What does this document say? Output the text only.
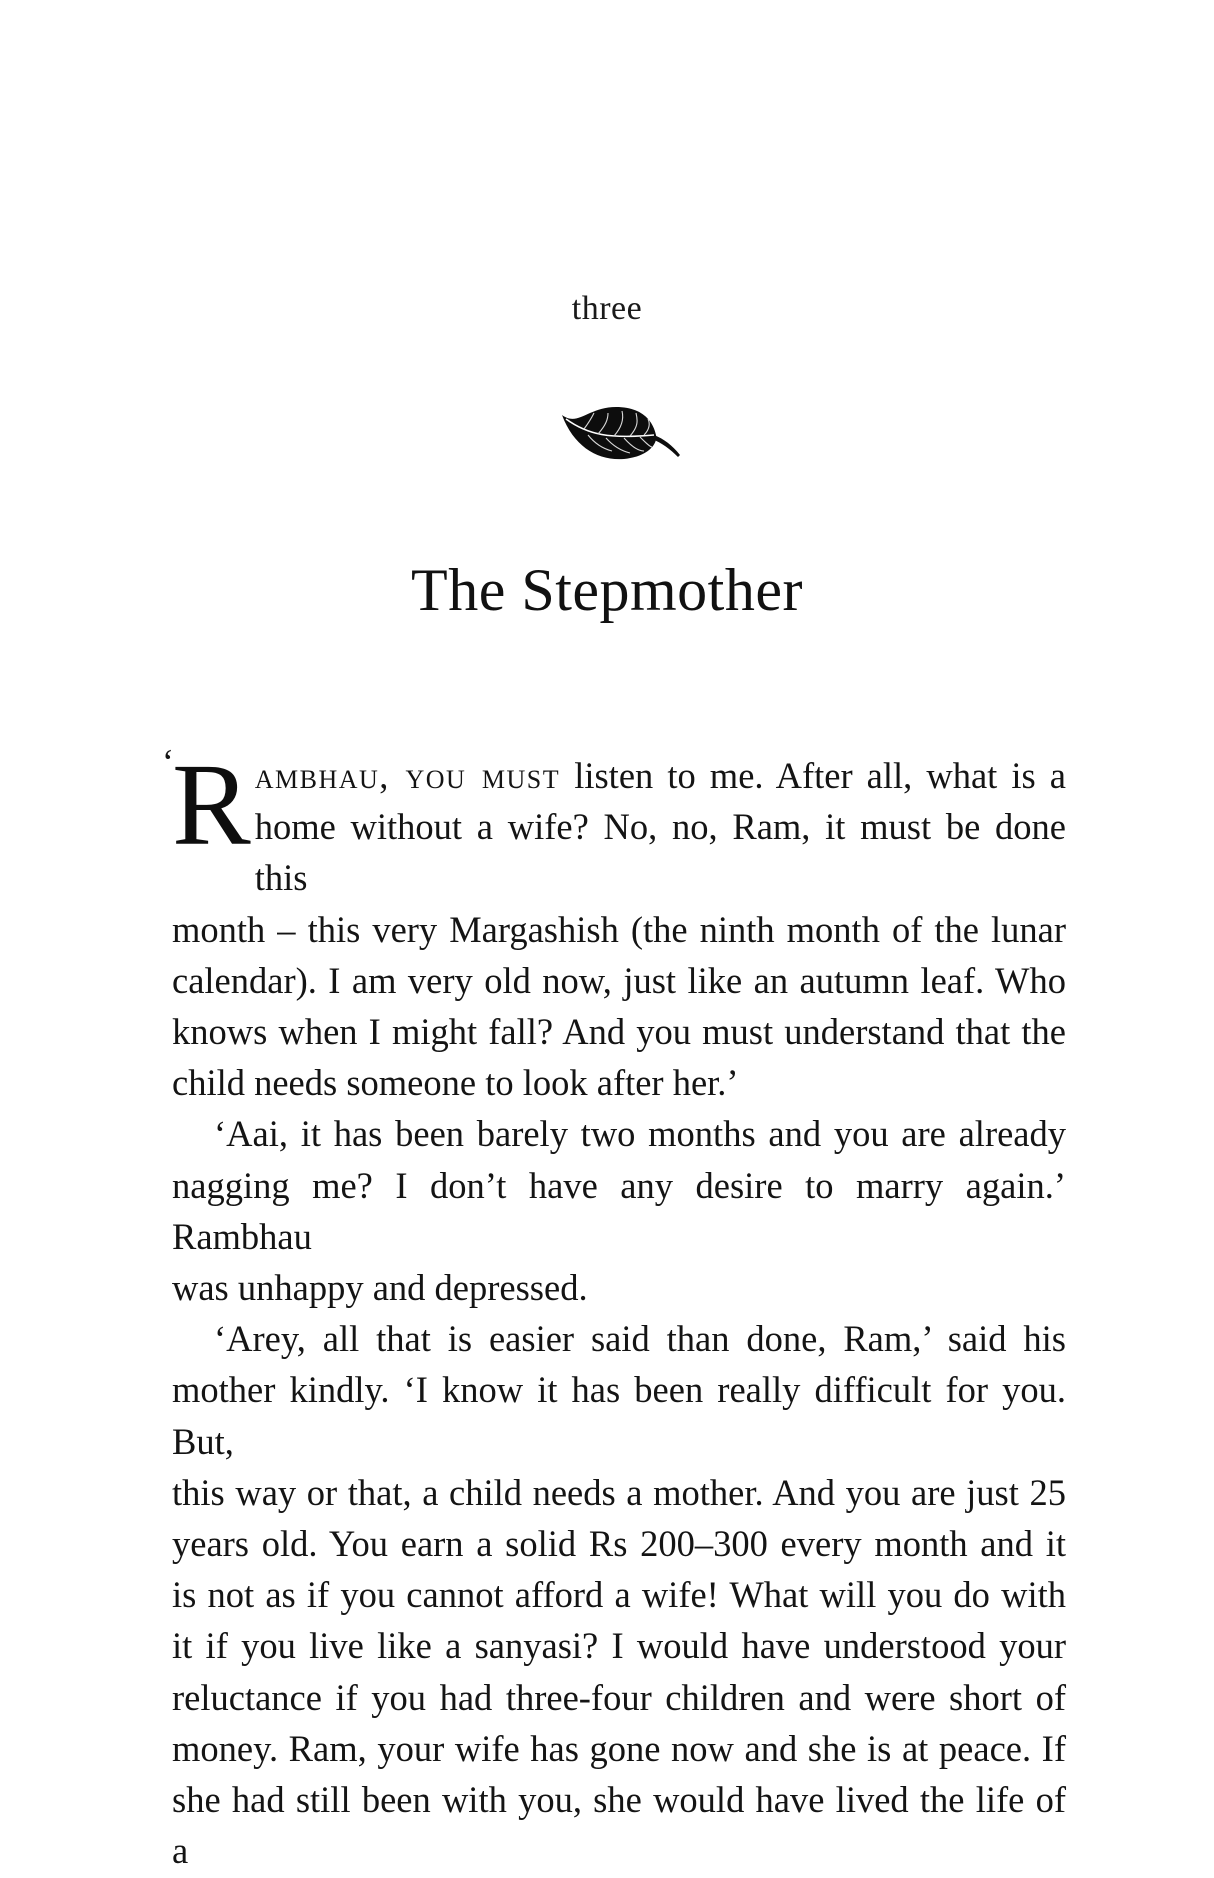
three
The Stepmother
‘
R ambhau, you must listen to me. After all, what is a
home without a wife? No, no, Ram, it must be done this
month – this very Margashish (the ninth month of the lunar
calendar). I am very old now, just like an autumn leaf. Who
knows when I might fall? And you must understand that the
child needs someone to look after her.’
‘Aai, it has been barely two months and you are already
nagging me? I don’t have any desire to marry again.’ Rambhau
was unhappy and depressed.
‘Arey, all that is easier said than done, Ram,’ said his
mother kindly. ‘I know it has been really difficult for you. But,
this way or that, a child needs a mother. And you are just 25
years old. You earn a solid Rs 200–300 every month and it
is not as if you cannot afford a wife! What will you do with
it if you live like a sanyasi? I would have understood your
reluctance if you had three-four children and were short of
money. Ram, your wife has gone now and she is at peace. If
she had still been with you, she would have lived the life of a
